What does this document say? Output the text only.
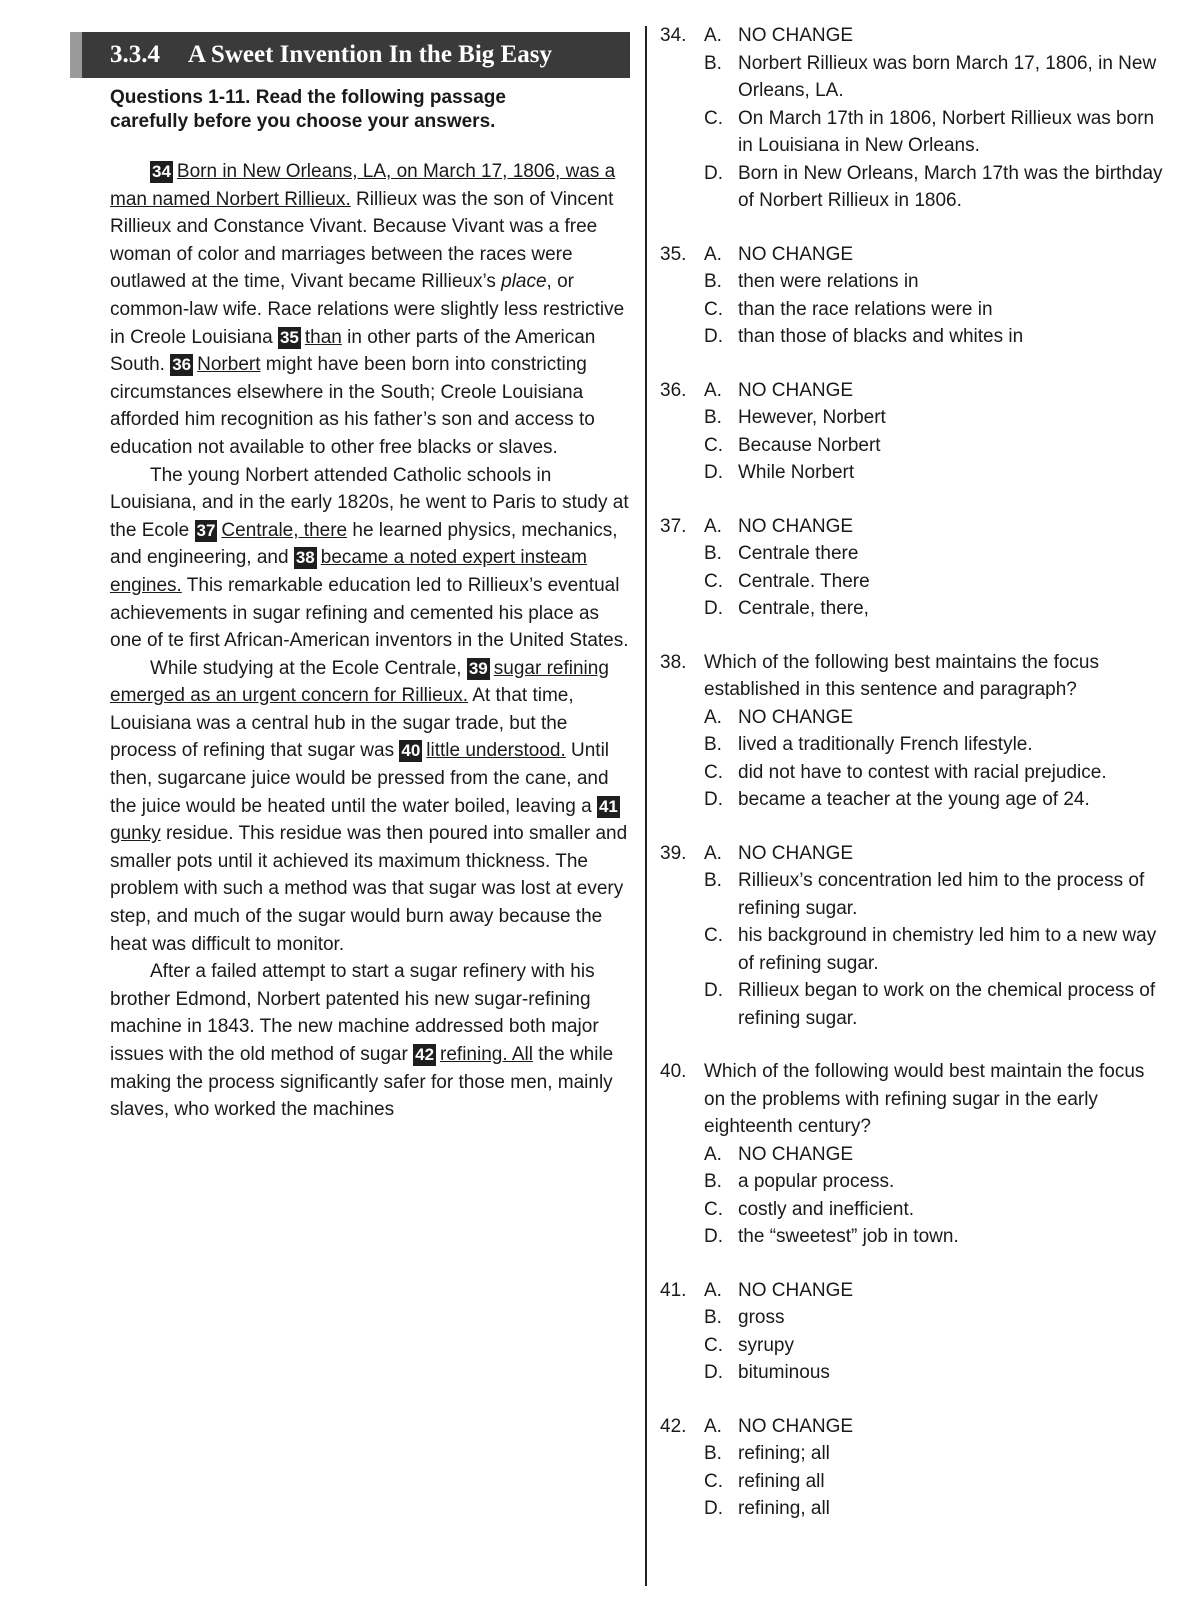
3.3.4 A Sweet Invention In the Big Easy
Questions 1-11. Read the following passage carefully before you choose your answers.

34 Born in New Orleans, LA, on March 17, 1806, was a man named Norbert Rillieux. Rillieux was the son of Vincent Rillieux and Constance Vivant. Because Vivant was a free woman of color and marriages between the races were outlawed at the time, Vivant became Rillieux’s place, or common-law wife. Race relations were slightly less restrictive in Creole Louisiana 35 than in other parts of the American South. 36 Norbert might have been born into constricting circumstances elsewhere in the South; Creole Louisiana afforded him recognition as his father’s son and access to education not available to other free blacks or slaves.

The young Norbert attended Catholic schools in Louisiana, and in the early 1820s, he went to Paris to study at the Ecole 37 Centrale, there he learned physics, mechanics, and engineering, and 38 became a noted expert insteam engines. This remarkable education led to Rillieux’s eventual achievements in sugar refining and cemented his place as one of te first African-American inventors in the United States.

While studying at the Ecole Centrale, 39 sugar refining emerged as an urgent concern for Rillieux. At that time, Louisiana was a central hub in the sugar trade, but the process of refining that sugar was 40 little understood. Until then, sugarcane juice would be pressed from the cane, and the juice would be heated until the water boiled, leaving a 41gunky residue. This residue was then poured into smaller and smaller pots until it achieved its maximum thickness. The problem with such a method was that sugar was lost at every step, and much of the sugar would burn away because the heat was difficult to monitor.

After a failed attempt to start a sugar refinery with his brother Edmond, Norbert patented his new sugar-refining machine in 1843. The new machine addressed both major issues with the old method of sugar 42 refining. All the while making the process significantly safer for those men, mainly slaves, who worked the machines

34. A. NO CHANGE
B. Norbert Rillieux was born March 17, 1806, in New Orleans, LA.
C. On March 17th in 1806, Norbert Rillieux was born in Louisiana in New Orleans.
D. Born in New Orleans, March 17th was the birthday of Norbert Rillieux in 1806.
35. A. NO CHANGE
B. then were relations in
C. than the race relations were in
D. than those of blacks and whites in
36. A. NO CHANGE
B. Hewever, Norbert
C. Because Norbert
D. While Norbert
37. A. NO CHANGE
B. Centrale there
C. Centrale. There
D. Centrale, there,
38. Which of the following best maintains the focus established in this sentence and paragraph?
A. NO CHANGE
B. lived a traditionally French lifestyle.
C. did not have to contest with racial prejudice.
D. became a teacher at the young age of 24.
39. A. NO CHANGE
B. Rillieux’s concentration led him to the process of refining sugar.
C. his background in chemistry led him to a new way of refining sugar.
D. Rillieux began to work on the chemical process of refining sugar.
40. Which of the following would best maintain the focus on the problems with refining sugar in the early eighteenth century?
A. NO CHANGE
B. a popular process.
C. costly and inefficient.
D. the “sweetest” job in town.
41. A. NO CHANGE
B. gross
C. syrupy
D. bituminous
42. A. NO CHANGE
B. refining; all
C. refining all
D. refining, all
